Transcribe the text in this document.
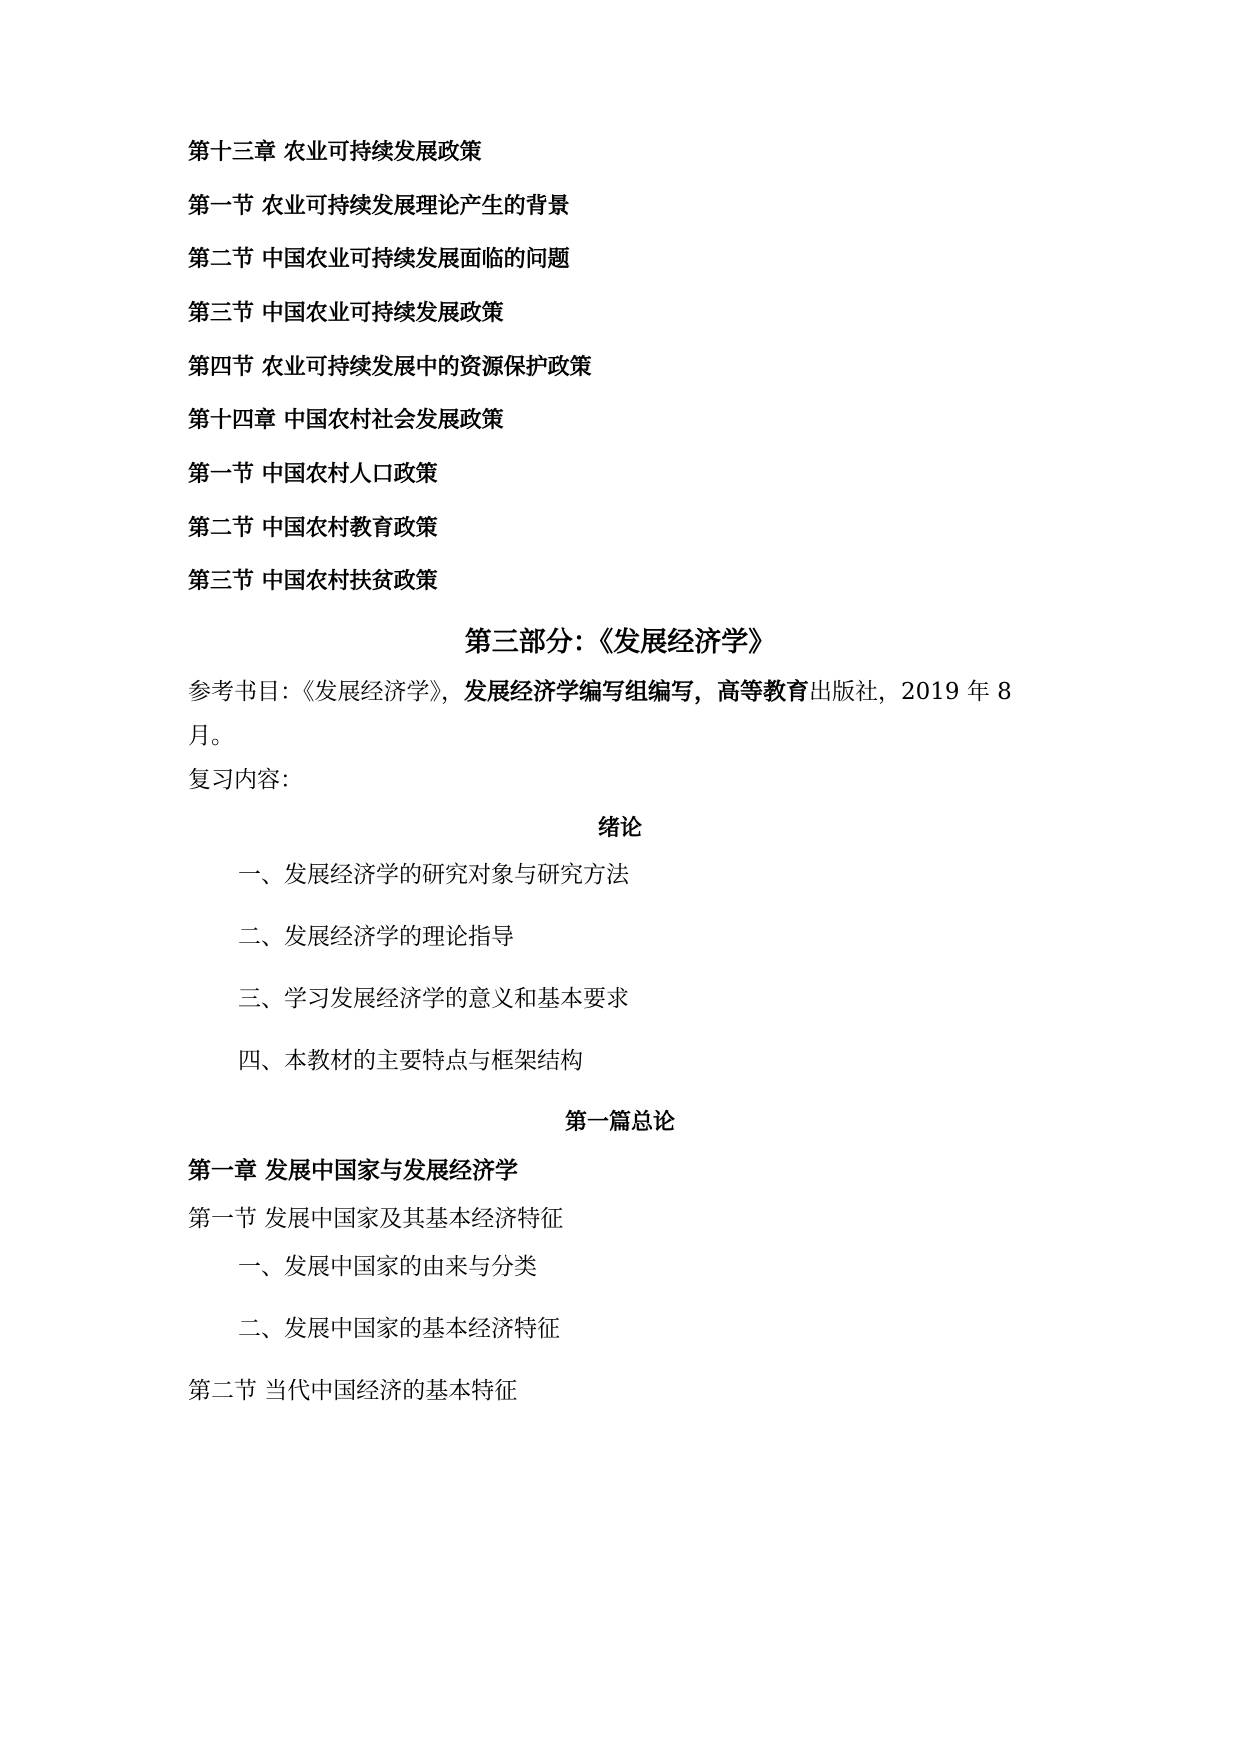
第十三章 农业可持续发展政策
第一节 农业可持续发展理论产生的背景
第二节 中国农业可持续发展面临的问题
第三节 中国农业可持续发展政策
第四节 农业可持续发展中的资源保护政策
第十四章 中国农村社会发展政策
第一节 中国农村人口政策
第二节 中国农村教育政策
第三节 中国农村扶贫政策
第三部分：《发展经济学》
参考书目：《发展经济学》，发展经济学编写组编写，高等教育出版社，2019 年 8 月。
复习内容：
绪论
一、发展经济学的研究对象与研究方法
二、发展经济学的理论指导
三、学习发展经济学的意义和基本要求
四、本教材的主要特点与框架结构
第一篇总论
第一章 发展中国家与发展经济学
第一节 发展中国家及其基本经济特征
一、发展中国家的由来与分类
二、发展中国家的基本经济特征
第二节 当代中国经济的基本特征
